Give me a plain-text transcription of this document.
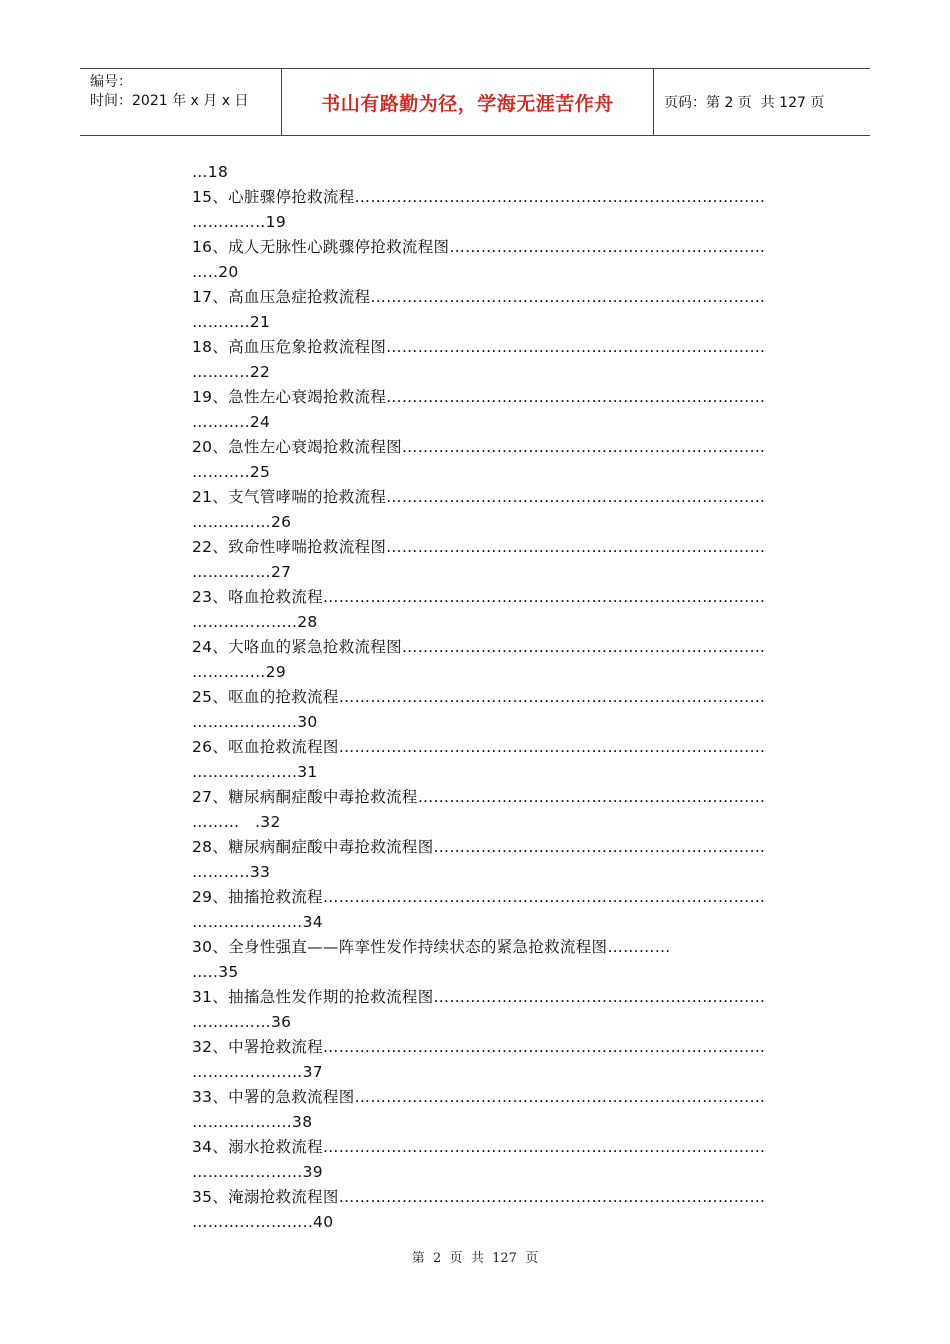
编号：
时间：2021 年 x 月 x 日	书山有路勤为径，学海无涯苦作舟	页码：第 2 页  共 127 页
…18
15、心脏骤停抢救流程……………………………………………………………………
…………..19
16、成人无脉性心跳骤停抢救流程图……………………………………………………
…..20
17、高血压急症抢救流程…………………………………………………………………
………..21
18、高血压危象抢救流程图………………………………………………………………
………..22
19、急性左心衰竭抢救流程………………………………………………………………
………..24
20、急性左心衰竭抢救流程图……………………………………………………………
………..25
21、支气管哮喘的抢救流程………………………………………………………………
……………26
22、致命性哮喘抢救流程图………………………………………………………………
……………27
23、咯血抢救流程…………………………………………………………………………
………………..28
24、大咯血的紧急抢救流程图……………………………………………………………
…………..29
25、呕血的抢救流程………………………………………………………………………
………………..30
26、呕血抢救流程图………………………………………………………………………
………………..31
27、糖尿病酮症酸中毒抢救流程…………………………………………………………
………   .32
28、糖尿病酮症酸中毒抢救流程图………………………………………………………
………..33
29、抽搐抢救流程…………………………………………………………………………
…………………34
30、全身性强直——阵挛性发作持续状态的紧急抢救流程图…………
…..35
31、抽搐急性发作期的抢救流程图………………………………………………………
……………36
32、中署抢救流程…………………………………………………………………………
…………………37
33、中署的急救流程图……………………………………………………………………
……………….38
34、溺水抢救流程…………………………………………………………………………
…………………39
35、淹溺抢救流程图………………………………………………………………………
…………………..40
第  2  页  共  127  页
